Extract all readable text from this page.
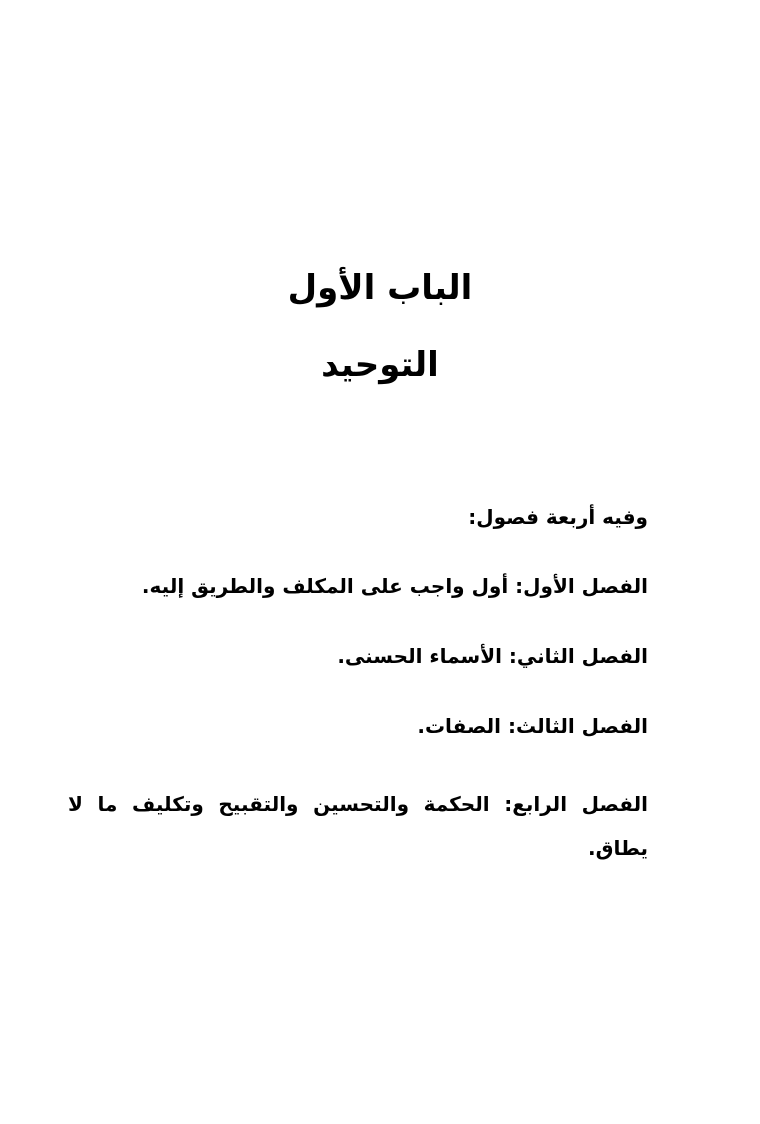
الباب الأول
التوحيد
وفيه أربعة فصول:
الفصل الأول: أول واجب على المكلف والطريق إليه.
الفصل الثاني: الأسماء الحسنى.
الفصل الثالث: الصفات.
الفصل الرابع: الحكمة والتحسين والتقبيح وتكليف ما لا يطاق.
